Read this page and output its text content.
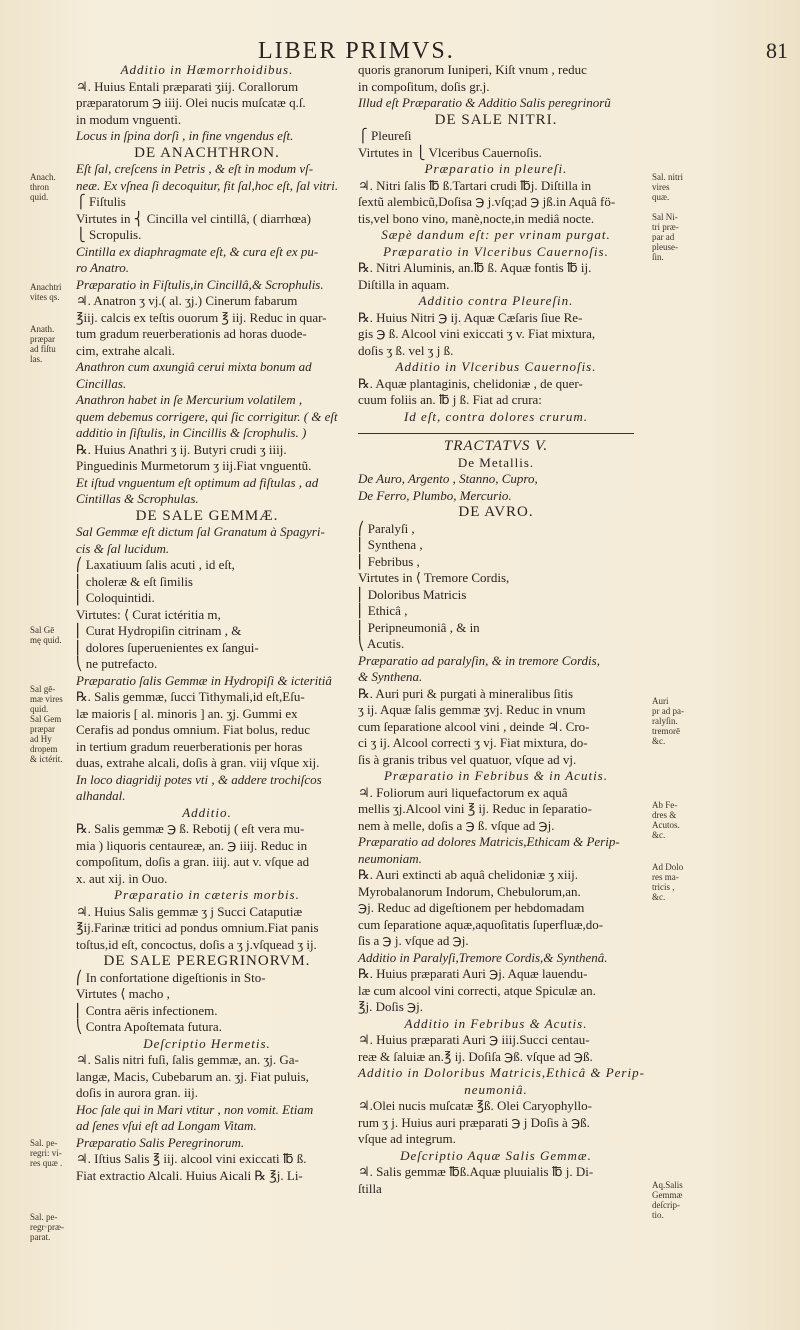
LIBER PRIMVS.	81
Additio in Hæmorrhoidibus.
♃. Huius Entali præparati ʒiij. Corallorum
præparatorum ℈ iiij. Olei nucis muſcatæ q.ſ.
in modum vnguenti.
Locus in ſpina dorſi , in fine vngendus eſt.
DE ANACHTHRON.
Eſt ſal, creſcens in Petris , & eſt in modum vſ-
neæ. Ex vſnea ſi decoquitur, fit ſal,hoc eſt, ſal vitri.
⎧ Fiſtulis
Virtutes in ⎨ Cincilla vel cintillâ, ( diarrhœa)
⎩ Scropulis.
Cintilla ex diaphragmate eſt, & cura eſt ex pu-
ro Anatro.
Præparatio in Fiſtulis,in Cincillâ,& Scrophulis.
♃. Anatron ʒ vj.( al. ʒj.) Cinerum fabarum
℥iij. calcis ex teſtis ouorum ℥ iij. Reduc in quar-
tum gradum reuerberationis ad horas duode-
cim, extrahe alcali.
Anathron cum axungiâ cerui mixta bonum ad
Cincillas.
Anathron habet in ſe Mercurium volatilem ,
quem debemus corrigere, qui ſic corrigitur. ( & eſt
additio in ſiſtulis, in Cincillis & ſcrophulis. )
℞. Huius Anathri ʒ ij. Butyri crudi ʒ iiij.
Pinguedinis Murmetorum ʒ iij.Fiat vnguentũ.
Et iſtud vnguentum eſt optimum ad fiſtulas , ad
Cintillas & Scrophulas.
DE SALE GEMMÆ.
Sal Gemmæ eſt dictum ſal Granatum à Spagyri-
cis & ſal lucidum.
⎛ Laxatiuum ſalis acuti , id eſt,
⎜ choleræ & eſt ſimilis
⎜ Coloquintidi.
Virtutes: ⟨ Curat ictéritia m,
⎜ Curat Hydropiſin citrinam , &
⎜ dolores ſuperuenientes ex ſangui-
⎝ ne putrefacto.
Præparatio ſalis Gemmæ in Hydropiſi & icteritiâ
℞. Salis gemmæ, ſucci Tithymali,id eſt,Eſu-
læ maioris [ al. minoris ] an. ʒj. Gummi ex
Cerafis ad pondus omnium. Fiat bolus, reduc
in tertium gradum reuerberationis per horas
duas, extrahe alcali, doſis à gran. viij vſque xij.
In loco diagridij potes vti , & addere trochiſcos
alhandal.
Additio.
℞. Salis gemmæ ℈ ß. Rebotij ( eſt vera mu-
mia ) liquoris centaureæ, an. ℈ iiij. Reduc in
compoſitum, doſis a gran. iiij. aut v. vſque ad
x. aut xij. in Ouo.
Præparatio in cæteris morbis.
♃. Huius Salis gemmæ ʒ j Succi Cataputiæ
℥ij.Farinæ tritici ad pondus omnium.Fiat panis
toſtus,id eſt, concoctus, doſis a ʒ j.vſquead ʒ ij.
DE SALE PEREGRINORVM.
⎛ In confortatione digeſtionis in Sto-
Virtutes ⟨ macho ,
⎜ Contra aëris infectionem.
⎝ Contra Apoſtemata futura.
Deſcriptio Hermetis.
♃. Salis nitri fuſi, ſalis gemmæ, an. ʒj. Ga-
langæ, Macis, Cubebarum an. ʒj. Fiat puluis,
doſis in aurora gran. iij.
Hoc ſale qui in Mari vtitur , non vomit. Etiam
ad ſenes vſui eſt ad Longam Vitam.
Præparatio Salis Peregrinorum.
♃. Iſtius Salis ℥ iij. alcool vini exiccati ℔ ß.
Fiat extractio Alcali. Huius Aicali ℞ ℥j. Li-
quoris granorum Iuniperi, Kiſt vnum , reduc
in compoſitum, doſis gr.j.
Illud eſt Præparatio & Additio Salis peregrinorũ
DE SALE NITRI.
⎧ Pleureſi
Virtutes in ⎩ Vlceribus Cauernoſis.
Præparatio in pleureſi.
♃. Nitri ſalis ℔ ß.Tartari crudi ℔j. Diſtilla in
ſextũ alembicũ,Doſisa ℈ j.vſq;ad ℈ jß.in Aquâ fö-
tis,vel bono vino, manè,nocte,in mediâ nocte.
Sæpè dandum eſt: per vrinam purgat.
Præparatio in Vlceribus Cauernoſis.
℞. Nitri Aluminis, an.℔ ß. Aquæ fontis ℔ ij.
Diſtilla in aquam.
Additio contra Pleureſin.
℞. Huius Nitri ℈ ij. Aquæ Cæſaris ſiue Re-
gis ℈ ß. Alcool vini exiccati ʒ v. Fiat mixtura,
doſis ʒ ß. vel ʒ j ß.
Additio in Vlceribus Cauernoſis.
℞. Aquæ plantaginis, chelidoniæ , de quer-
cuum foliis an. ℔ j ß. Fiat ad crura:
Id eſt, contra dolores crurum.
TRACTATVS V.
De Metallis.
De Auro, Argento , Stanno, Cupro,
De Ferro, Plumbo, Mercurio.
DE AVRO.
⎛ Paralyſi ,
⎜ Synthena ,
⎜ Febribus ,
Virtutes in ⟨ Tremore Cordis,
⎜ Doloribus Matricis
⎜ Ethicâ ,
⎜ Peripneumoniâ , & in
⎝ Acutis.
Præparatio ad paralyſin, & in tremore Cordis,
& Synthena.
℞. Auri puri & purgati à mineralibus ſitis
ʒ ij. Aquæ ſalis gemmæ ʒvj. Reduc in vnum
cum ſeparatione alcool vini , deinde ♃. Cro-
ci ʒ ij. Alcool correcti ʒ vj. Fiat mixtura, do-
ſis à granis tribus vel quatuor, vſque ad vj.
Præparatio in Febribus & in Acutis.
♃. Foliorum auri liquefactorum ex aquâ
mellis ʒj.Alcool vini ℥ ij. Reduc in ſeparatio-
nem à melle, doſis a ℈ ß. vſque ad ℈j.
Præparatio ad dolores Matricis,Ethicam & Perip-
neumoniam.
℞. Auri extincti ab aquâ chelidoniæ ʒ xiij.
Myrobalanorum Indorum, Chebulorum,an.
℈j. Reduc ad digeſtionem per hebdomadam
cum ſeparatione aquæ,aquoſitatis ſuperfluæ,do-
ſis a ℈ j. vſque ad ℈j.
Additio in Paralyſi,Tremore Cordis,& Synthenâ.
℞. Huius præparati Auri ℈j. Aquæ lauendu-
læ cum alcool vini correcti, atque Spiculæ an.
℥j. Doſis ℈j.
Additio in Febribus & Acutis.
♃. Huius præparati Auri ℈ iiij.Succi centau-
reæ & ſaluiæ an.℥ ij. Doſiſa ℈ß. vſque ad ℈ß.
Additio in Doloribus Matricis,Ethicâ & Perip-
neumoniâ.
♃.Olei nucis muſcatæ ℥ß. Olei Caryophyllo-
rum ʒ j. Huius auri præparati ℈ j Doſis à ℈ß.
vſque ad integrum.
Deſcriptio Aquæ Salis Gemmæ.
♃. Salis gemmæ ℔ß.Aquæ pluuialis ℔ j. Di-
ſtilla
Anach.
thron
quid.
Anachtri
vites qs.
Anath.
præpar
ad fiſtu
las.
Sal Gē
mę quid.
Sal gē-
mæ vires
quid.
Sal Gem
præpar
ad Hy
dropem
& ictérit.
Sal. pe-
regri: vi-
res quæ .
Sal. pe-
regr·præ-
parat.
Sal. nitri
vires
quæ.
Sal Ni-
tri præ-
par ad
pleuse-
ſin.
Auri
pr ad pa-
ralyſin.
tremorē
&c.
Ab Fe-
dres &
Acutos.
&c.
Ad Dolo
res ma-
tricis ,
&c.
Aq.Salis
Gemmæ
deſcrip-
tio.
